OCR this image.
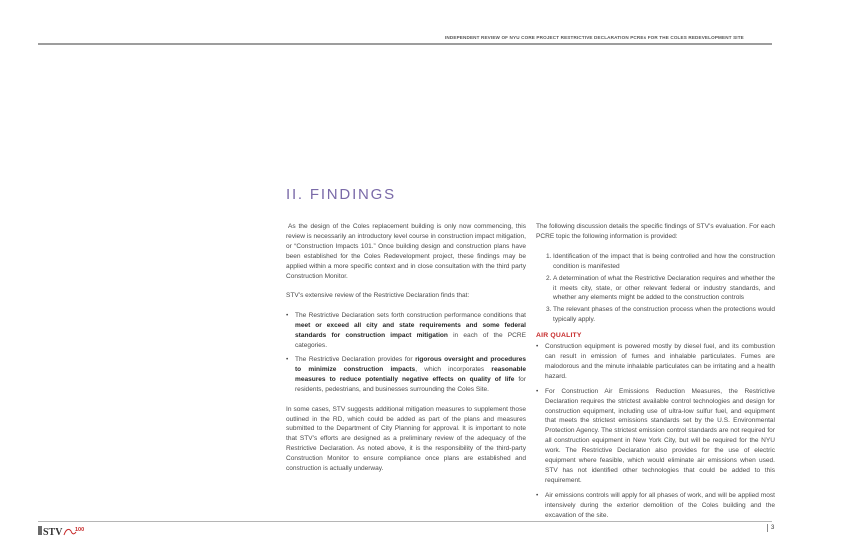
INDEPENDENT REVIEW OF NYU CORE PROJECT RESTRICTIVE DECLARATION PCREs FOR THE COLES REDEVELOPMENT SITE
II. FINDINGS

As the design of the Coles replacement building is only now commencing, this review is necessarily an introductory level course in construction impact mitigation, or “Construction Impacts 101.” Once building design and construction plans have been established for the Coles Redevelopment project, these findings may be applied within a more specific context and in close consultation with the third party Construction Monitor.

STV’s extensive review of the Restrictive Declaration finds that:

• The Restrictive Declaration sets forth construction performance conditions that meet or exceed all city and state requirements and some federal standards for construction impact mitigation in each of the PCRE categories.
• The Restrictive Declaration provides for rigorous oversight and procedures to minimize construction impacts, which incorporates reasonable measures to reduce potentially negative effects on quality of life for residents, pedestrians, and businesses surrounding the Coles Site.

In some cases, STV suggests additional mitigation measures to supplement those outlined in the RD, which could be added as part of the plans and measures submitted to the Department of City Planning for approval. It is important to note that STV’s efforts are designed as a preliminary review of the adequacy of the Restrictive Declaration. As noted above, it is the responsibility of the third-party Construction Monitor to ensure compliance once plans are established and construction is actually underway.

The following discussion details the specific findings of STV’s evaluation. For each PCRE topic the following information is provided:

1. Identification of the impact that is being controlled and how the construction condition is manifested
2. A determination of what the Restrictive Declaration requires and whether the it meets city, state, or other relevant federal or industry standards, and whether any elements might be added to the construction controls
3. The relevant phases of the construction process when the protections would typically apply.
AIR QUALITY
• Construction equipment is powered mostly by diesel fuel, and its combustion can result in emission of fumes and inhalable particulates. Fumes are malodorous and the minute inhalable particulates can be irritating and a health hazard.
• For Construction Air Emissions Reduction Measures, the Restrictive Declaration requires the strictest available control technologies and design for construction equipment, including use of ultra-low sulfur fuel, and equipment that meets the strictest emissions standards set by the U.S. Environmental Protection Agency. The strictest emission control standards are not required for all construction equipment in New York City, but will be required for the NYU work. The Restrictive Declaration also provides for the use of electric equipment where feasible, which would eliminate air emissions when used. STV has not identified other technologies that could be added to this requirement.
• Air emissions controls will apply for all phases of work, and will be applied most intensively during the exterior demolition of the Coles building and the excavation of the site.
STV 100	3
